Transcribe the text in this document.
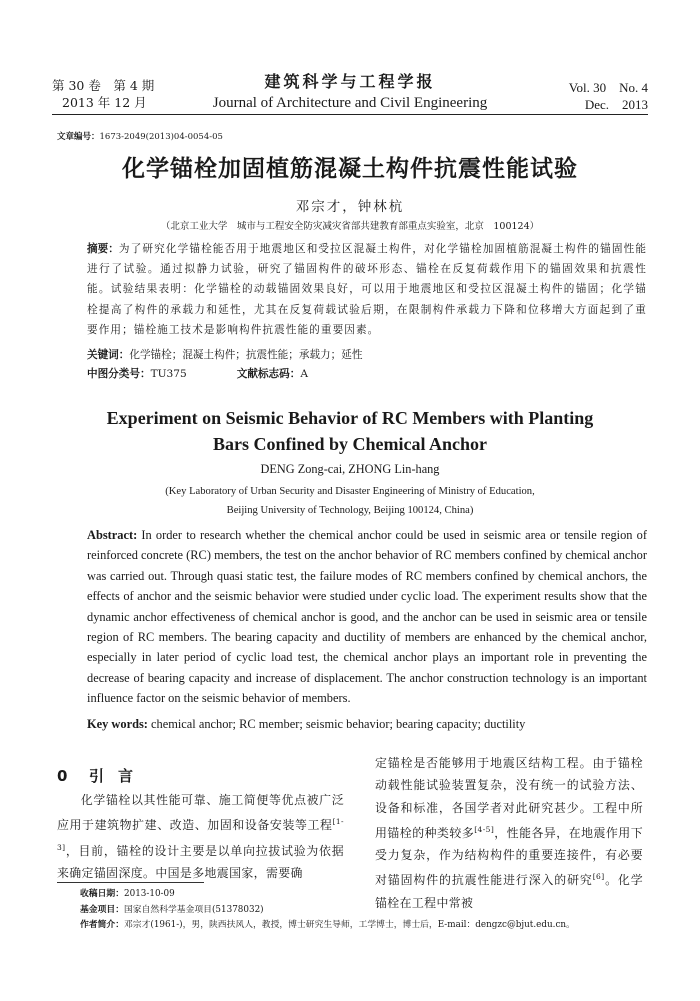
第 30 卷　第 4 期
2013 年 12 月
建筑科学与工程学报
Journal of Architecture and Civil Engineering
Vol. 30　No. 4
Dec.　2013
文章编号：1673-2049(2013)04-0054-05
化学锚栓加固植筋混凝土构件抗震性能试验
邓宗才，钟林杭
（北京工业大学　城市与工程安全防灾减灾省部共建教育部重点实验室，北京　100124）
摘要：为了研究化学锚栓能否用于地震地区和受拉区混凝土构件，对化学锚栓加固植筋混凝土构件的锚固性能进行了试验。通过拟静力试验，研究了锚固构件的破坏形态、锚栓在反复荷载作用下的锚固效果和抗震性能。试验结果表明：化学锚栓的动载锚固效果良好，可以用于地震地区和受拉区混凝土构件的锚固；化学锚栓提高了构件的承载力和延性，尤其在反复荷载试验后期，在限制构件承载力下降和位移增大方面起到了重要作用；锚栓施工技术是影响构件抗震性能的重要因素。
关键词：化学锚栓；混凝土构件；抗震性能；承载力；延性
中图分类号：TU375	文献标志码：A
Experiment on Seismic Behavior of RC Members with Planting
Bars Confined by Chemical Anchor
DENG Zong-cai, ZHONG Lin-hang
(Key Laboratory of Urban Security and Disaster Engineering of Ministry of Education,
Beijing University of Technology, Beijing 100124, China)
Abstract: In order to research whether the chemical anchor could be used in seismic area or tensile region of reinforced concrete (RC) members, the test on the anchor behavior of RC members confined by chemical anchor was carried out. Through quasi static test, the failure modes of RC members confined by chemical anchors, the effects of anchor and the seismic behavior were studied under cyclic load. The experiment results show that the dynamic anchor effectiveness of chemical anchor is good, and the anchor can be used in seismic area or tensile region of RC members. The bearing capacity and ductility of members are enhanced by the chemical anchor, especially in later period of cyclic load test, the chemical anchor plays an important role in preventing the decrease of bearing capacity and increase of displacement. The anchor construction technology is an important influence factor on the seismic behavior of members.
Key words: chemical anchor; RC member; seismic behavior; bearing capacity; ductility
0 引言
化学锚栓以其性能可靠、施工简便等优点被广泛应用于建筑物扩建、改造、加固和设备安装等工程[1-3]，目前，锚栓的设计主要是以单向拉拔试验为依据来确定锚固深度。中国是多地震国家，需要确
定锚栓是否能够用于地震区结构工程。由于锚栓动载性能试验装置复杂，没有统一的试验方法、设备和标准，各国学者对此研究甚少。工程中所用锚栓的种类较多[4-5]，性能各异，在地震作用下受力复杂，作为结构构件的重要连接件，有必要对锚固构件的抗震性能进行深入的研究[6]。化学锚栓在工程中常被
收稿日期：2013-10-09
基金项目：国家自然科学基金项目(51378032)
作者简介：邓宗才(1961-)，男，陕西扶风人，教授，博士研究生导师，工学博士，博士后，E-mail：dengzc@bjut.edu.cn。
